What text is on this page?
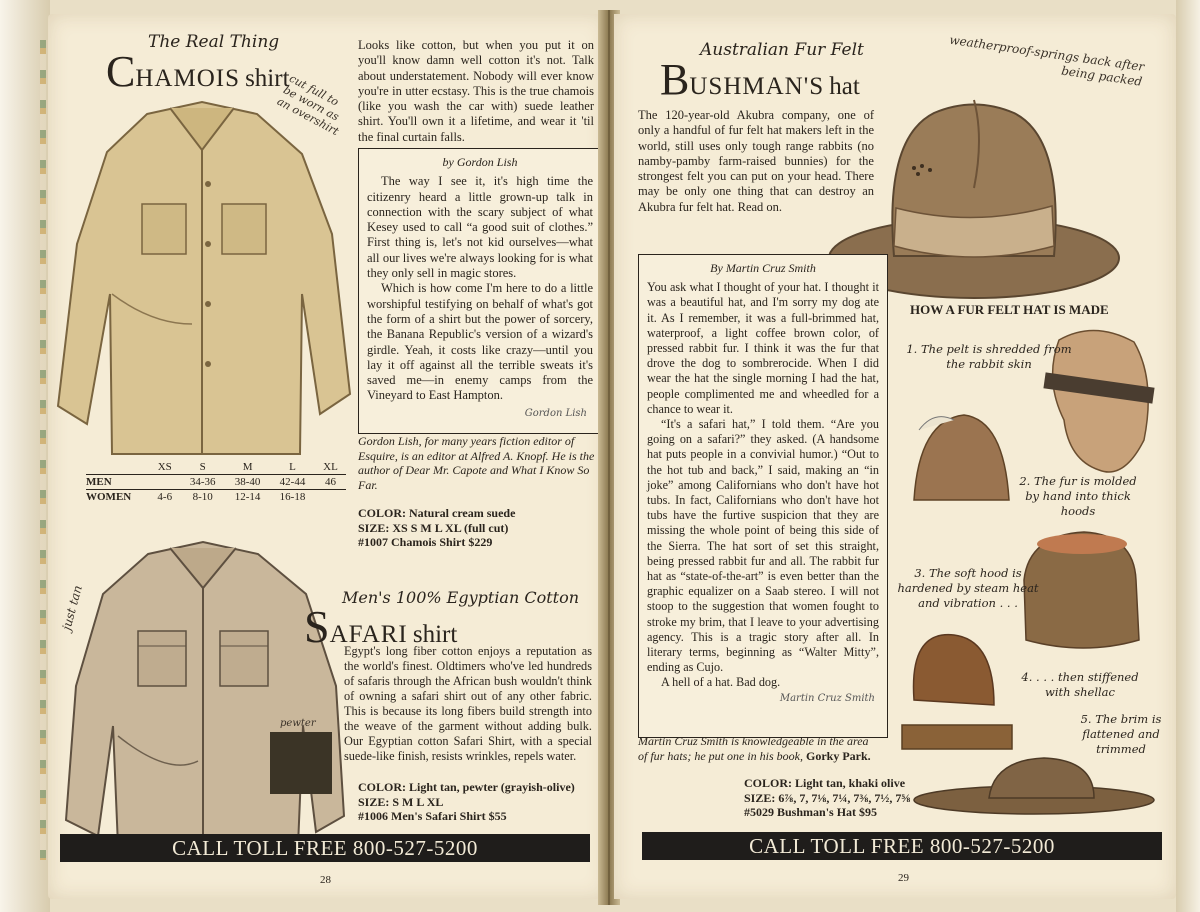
The Real Thing
CHAMOIS shirt
cut full to be worn as an overshirt
Looks like cotton, but when you put it on you'll know damn well cotton it's not. Talk about understatement. Nobody will ever know you're in utter ecstasy. This is the true chamois (like you wash the car with) suede leather shirt. You'll own it a lifetime, and wear it 'til the final curtain falls.
by Gordon Lish

The way I see it, it's high time the citizenry heard a little grown-up talk in connection with the scary subject of what Kesey used to call “a good suit of clothes.” First thing is, let's not kid ourselves—what all our lives we're always looking for is what they only sell in magic stores.

Which is how come I'm here to do a little worshipful testifying on behalf of what's got the form of a shirt but the power of sorcery, the Banana Republic's version of a wizard's girdle. Yeah, it costs like crazy—until you lay it off against all the terrible sweats it's saved me—in enemy camps from the Vineyard to East Hampton.

Gordon Lish
Gordon Lish, for many years fiction editor of Esquire, is an editor at Alfred A. Knopf. He is the author of Dear Mr. Capote and What I Know So Far.
COLOR: Natural cream suede
SIZE: XS S M L XL (full cut)
#1007 Chamois Shirt $229
	XS	S	M	L	XL
MEN		34-36	38-40	42-44	46
WOMEN	4-6	8-10	12-14	16-18	
just tan
pewter
Men's 100% Egyptian Cotton
SAFARI shirt
Egypt's long fiber cotton enjoys a reputation as the world's finest. Oldtimers who've led hundreds of safaris through the African bush wouldn't think of owning a safari shirt out of any other fabric. This is because its long fibers build strength into the weave of the garment without adding bulk. Our Egyptian cotton Safari Shirt, with a special suede-like finish, resists wrinkles, repels water.
COLOR: Light tan, pewter (grayish-olive)
SIZE: S M L XL
#1006 Men's Safari Shirt $55
CALL TOLL FREE 800-527-5200
28
Australian Fur Felt
BUSHMAN'S hat
weatherproof-springs back after being packed
The 120-year-old Akubra company, one of only a handful of fur felt hat makers left in the world, still uses only tough range rabbits (no namby-pamby farm-raised bunnies) for the strongest felt you can put on your head. There may be only one thing that can destroy an Akubra fur felt hat. Read on.
By Martin Cruz Smith

You ask what I thought of your hat. I thought it was a beautiful hat, and I'm sorry my dog ate it. As I remember, it was a full-brimmed hat, waterproof, a light coffee brown color, of pressed rabbit fur. I think it was the fur that drove the dog to sombrerocide. When I did wear the hat the single morning I had the hat, people complimented me and wheedled for a chance to wear it.

“It's a safari hat,” I told them. “Are you going on a safari?” they asked. (A handsome hat puts people in a convivial humor.) “Out to the hot tub and back,” I said, making an “in joke” among Californians who don't have hot tubs. In fact, Californians who don't have hot tubs have the furtive suspicion that they are missing the whole point of being this side of the Sierra. The hat sort of set this straight, being pressed rabbit fur and all. The rabbit fur hat as “state-of-the-art” is even better than the graphic equalizer on a Saab stereo. I will not stoop to the suggestion that women fought to stroke my brim, that I leave to your advertising agency. This is a tragic story after all. In literary terms, beginning as “Walter Mitty”, ending as Cujo.

A hell of a hat. Bad dog.

Martin Cruz Smith
Martin Cruz Smith is knowledgeable in the area of fur hats; he put one in his book, Gorky Park.
HOW A FUR FELT HAT IS MADE
1. The pelt is shredded from the rabbit skin
2. The fur is molded by hand into thick hoods
3. The soft hood is hardened by steam heat and vibration . . .
4. . . . then stiffened with shellac
5. The brim is flattened and trimmed
COLOR: Light tan, khaki olive
SIZE: 6⅞, 7, 7⅛, 7¼, 7⅜, 7½, 7⅝
#5029 Bushman's Hat $95
CALL TOLL FREE 800-527-5200
29
